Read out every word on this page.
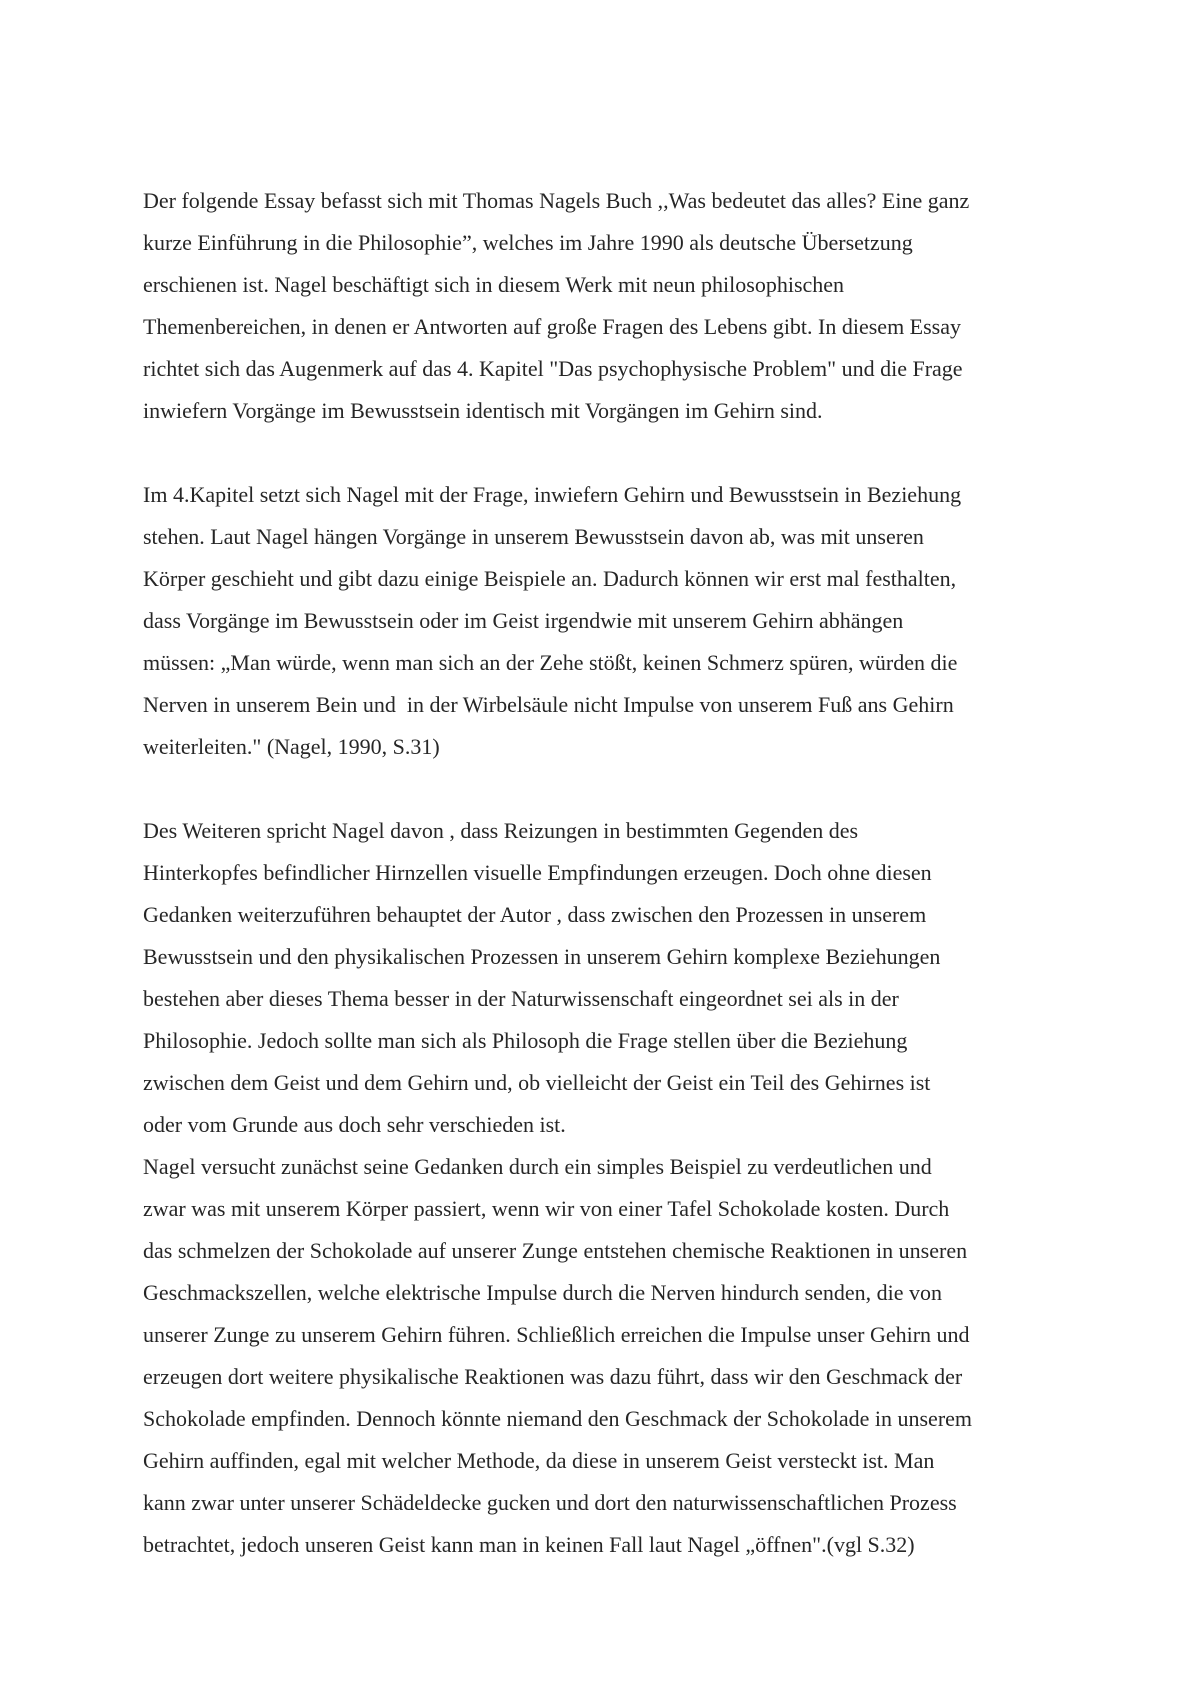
Der folgende Essay befasst sich mit Thomas Nagels Buch ,,Was bedeutet das alles? Eine ganz
kurze Einführung in die Philosophie”, welches im Jahre 1990 als deutsche Übersetzung
erschienen ist. Nagel beschäftigt sich in diesem Werk mit neun philosophischen
Themenbereichen, in denen er Antworten auf große Fragen des Lebens gibt. In diesem Essay
richtet sich das Augenmerk auf das 4. Kapitel "Das psychophysische Problem" und die Frage
inwiefern Vorgänge im Bewusstsein identisch mit Vorgängen im Gehirn sind.

Im 4.Kapitel setzt sich Nagel mit der Frage, inwiefern Gehirn und Bewusstsein in Beziehung
stehen. Laut Nagel hängen Vorgänge in unserem Bewusstsein davon ab, was mit unseren
Körper geschieht und gibt dazu einige Beispiele an. Dadurch können wir erst mal festhalten,
dass Vorgänge im Bewusstsein oder im Geist irgendwie mit unserem Gehirn abhängen
müssen: „Man würde, wenn man sich an der Zehe stößt, keinen Schmerz spüren, würden die
Nerven in unserem Bein und  in der Wirbelsäule nicht Impulse von unserem Fuß ans Gehirn
weiterleiten." (Nagel, 1990, S.31)

Des Weiteren spricht Nagel davon , dass Reizungen in bestimmten Gegenden des
Hinterkopfes befindlicher Hirnzellen visuelle Empfindungen erzeugen. Doch ohne diesen
Gedanken weiterzuführen behauptet der Autor , dass zwischen den Prozessen in unserem
Bewusstsein und den physikalischen Prozessen in unserem Gehirn komplexe Beziehungen
bestehen aber dieses Thema besser in der Naturwissenschaft eingeordnet sei als in der
Philosophie. Jedoch sollte man sich als Philosoph die Frage stellen über die Beziehung
zwischen dem Geist und dem Gehirn und, ob vielleicht der Geist ein Teil des Gehirnes ist
oder vom Grunde aus doch sehr verschieden ist.

Nagel versucht zunächst seine Gedanken durch ein simples Beispiel zu verdeutlichen und
zwar was mit unserem Körper passiert, wenn wir von einer Tafel Schokolade kosten. Durch
das schmelzen der Schokolade auf unserer Zunge entstehen chemische Reaktionen in unseren
Geschmackszellen, welche elektrische Impulse durch die Nerven hindurch senden, die von
unserer Zunge zu unserem Gehirn führen. Schließlich erreichen die Impulse unser Gehirn und
erzeugen dort weitere physikalische Reaktionen was dazu führt, dass wir den Geschmack der
Schokolade empfinden. Dennoch könnte niemand den Geschmack der Schokolade in unserem
Gehirn auffinden, egal mit welcher Methode, da diese in unserem Geist versteckt ist. Man
kann zwar unter unserer Schädeldecke gucken und dort den naturwissenschaftlichen Prozess
betrachtet, jedoch unseren Geist kann man in keinen Fall laut Nagel „öffnen".(vgl S.32)
